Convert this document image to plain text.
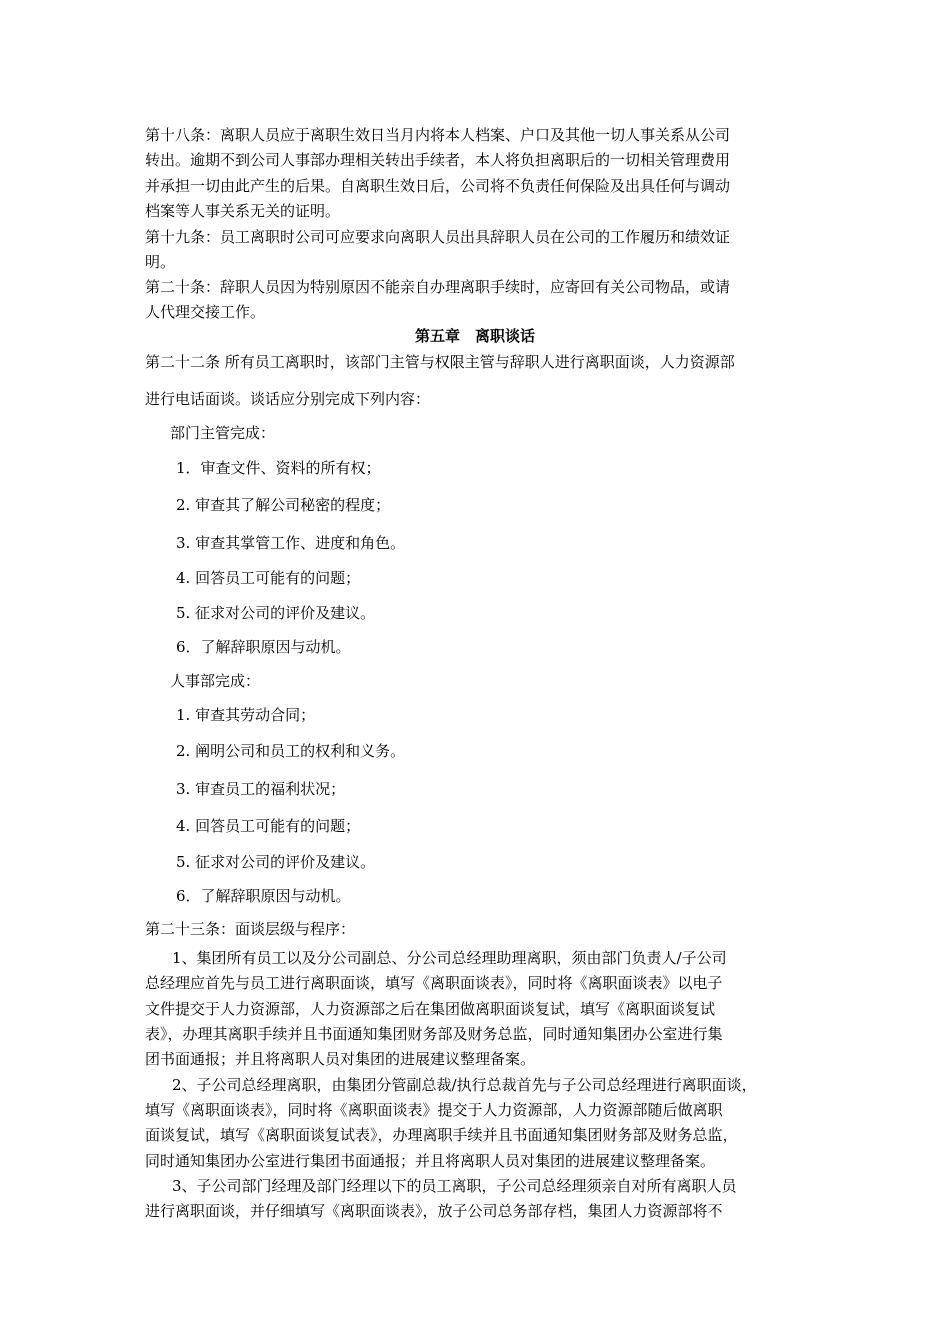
第十八条：离职人员应于离职生效日当月内将本人档案、户口及其他一切人事关系从公司
转出。逾期不到公司人事部办理相关转出手续者，本人将负担离职后的一切相关管理费用
并承担一切由此产生的后果。自离职生效日后，公司将不负责任何保险及出具任何与调动
档案等人事关系无关的证明。
第十九条：员工离职时公司可应要求向离职人员出具辞职人员在公司的工作履历和绩效证
明。
第二十条：辞职人员因为特别原因不能亲自办理离职手续时，应寄回有关公司物品，或请
人代理交接工作。
第五章　离职谈话
第二十二条 所有员工离职时，该部门主管与权限主管与辞职人进行离职面谈，人力资源部
进行电话面谈。谈话应分别完成下列内容：
部门主管完成：
1．审查文件、资料的所有权；
2. 审查其了解公司秘密的程度；
3. 审查其掌管工作、进度和角色。
4. 回答员工可能有的问题；
5. 征求对公司的评价及建议。
6．了解辞职原因与动机。
人事部完成：
1. 审查其劳动合同；
2. 阐明公司和员工的权利和义务。
3. 审查员工的福利状况；
4. 回答员工可能有的问题；
5. 征求对公司的评价及建议。
6．了解辞职原因与动机。
第二十三条：面谈层级与程序：
1、集团所有员工以及分公司副总、分公司总经理助理离职，须由部门负责人/子公司
总经理应首先与员工进行离职面谈，填写《离职面谈表》，同时将《离职面谈表》以电子
文件提交于人力资源部，人力资源部之后在集团做离职面谈复试，填写《离职面谈复试
表》，办理其离职手续并且书面通知集团财务部及财务总监，同时通知集团办公室进行集
团书面通报；并且将离职人员对集团的进展建议整理备案。
2、子公司总经理离职，由集团分管副总裁/执行总裁首先与子公司总经理进行离职面谈，
填写《离职面谈表》，同时将《离职面谈表》提交于人力资源部，人力资源部随后做离职
面谈复试，填写《离职面谈复试表》，办理离职手续并且书面通知集团财务部及财务总监，
同时通知集团办公室进行集团书面通报；并且将离职人员对集团的进展建议整理备案。
3、子公司部门经理及部门经理以下的员工离职，子公司总经理须亲自对所有离职人员
进行离职面谈，并仔细填写《离职面谈表》，放子公司总务部存档，集团人力资源部将不
